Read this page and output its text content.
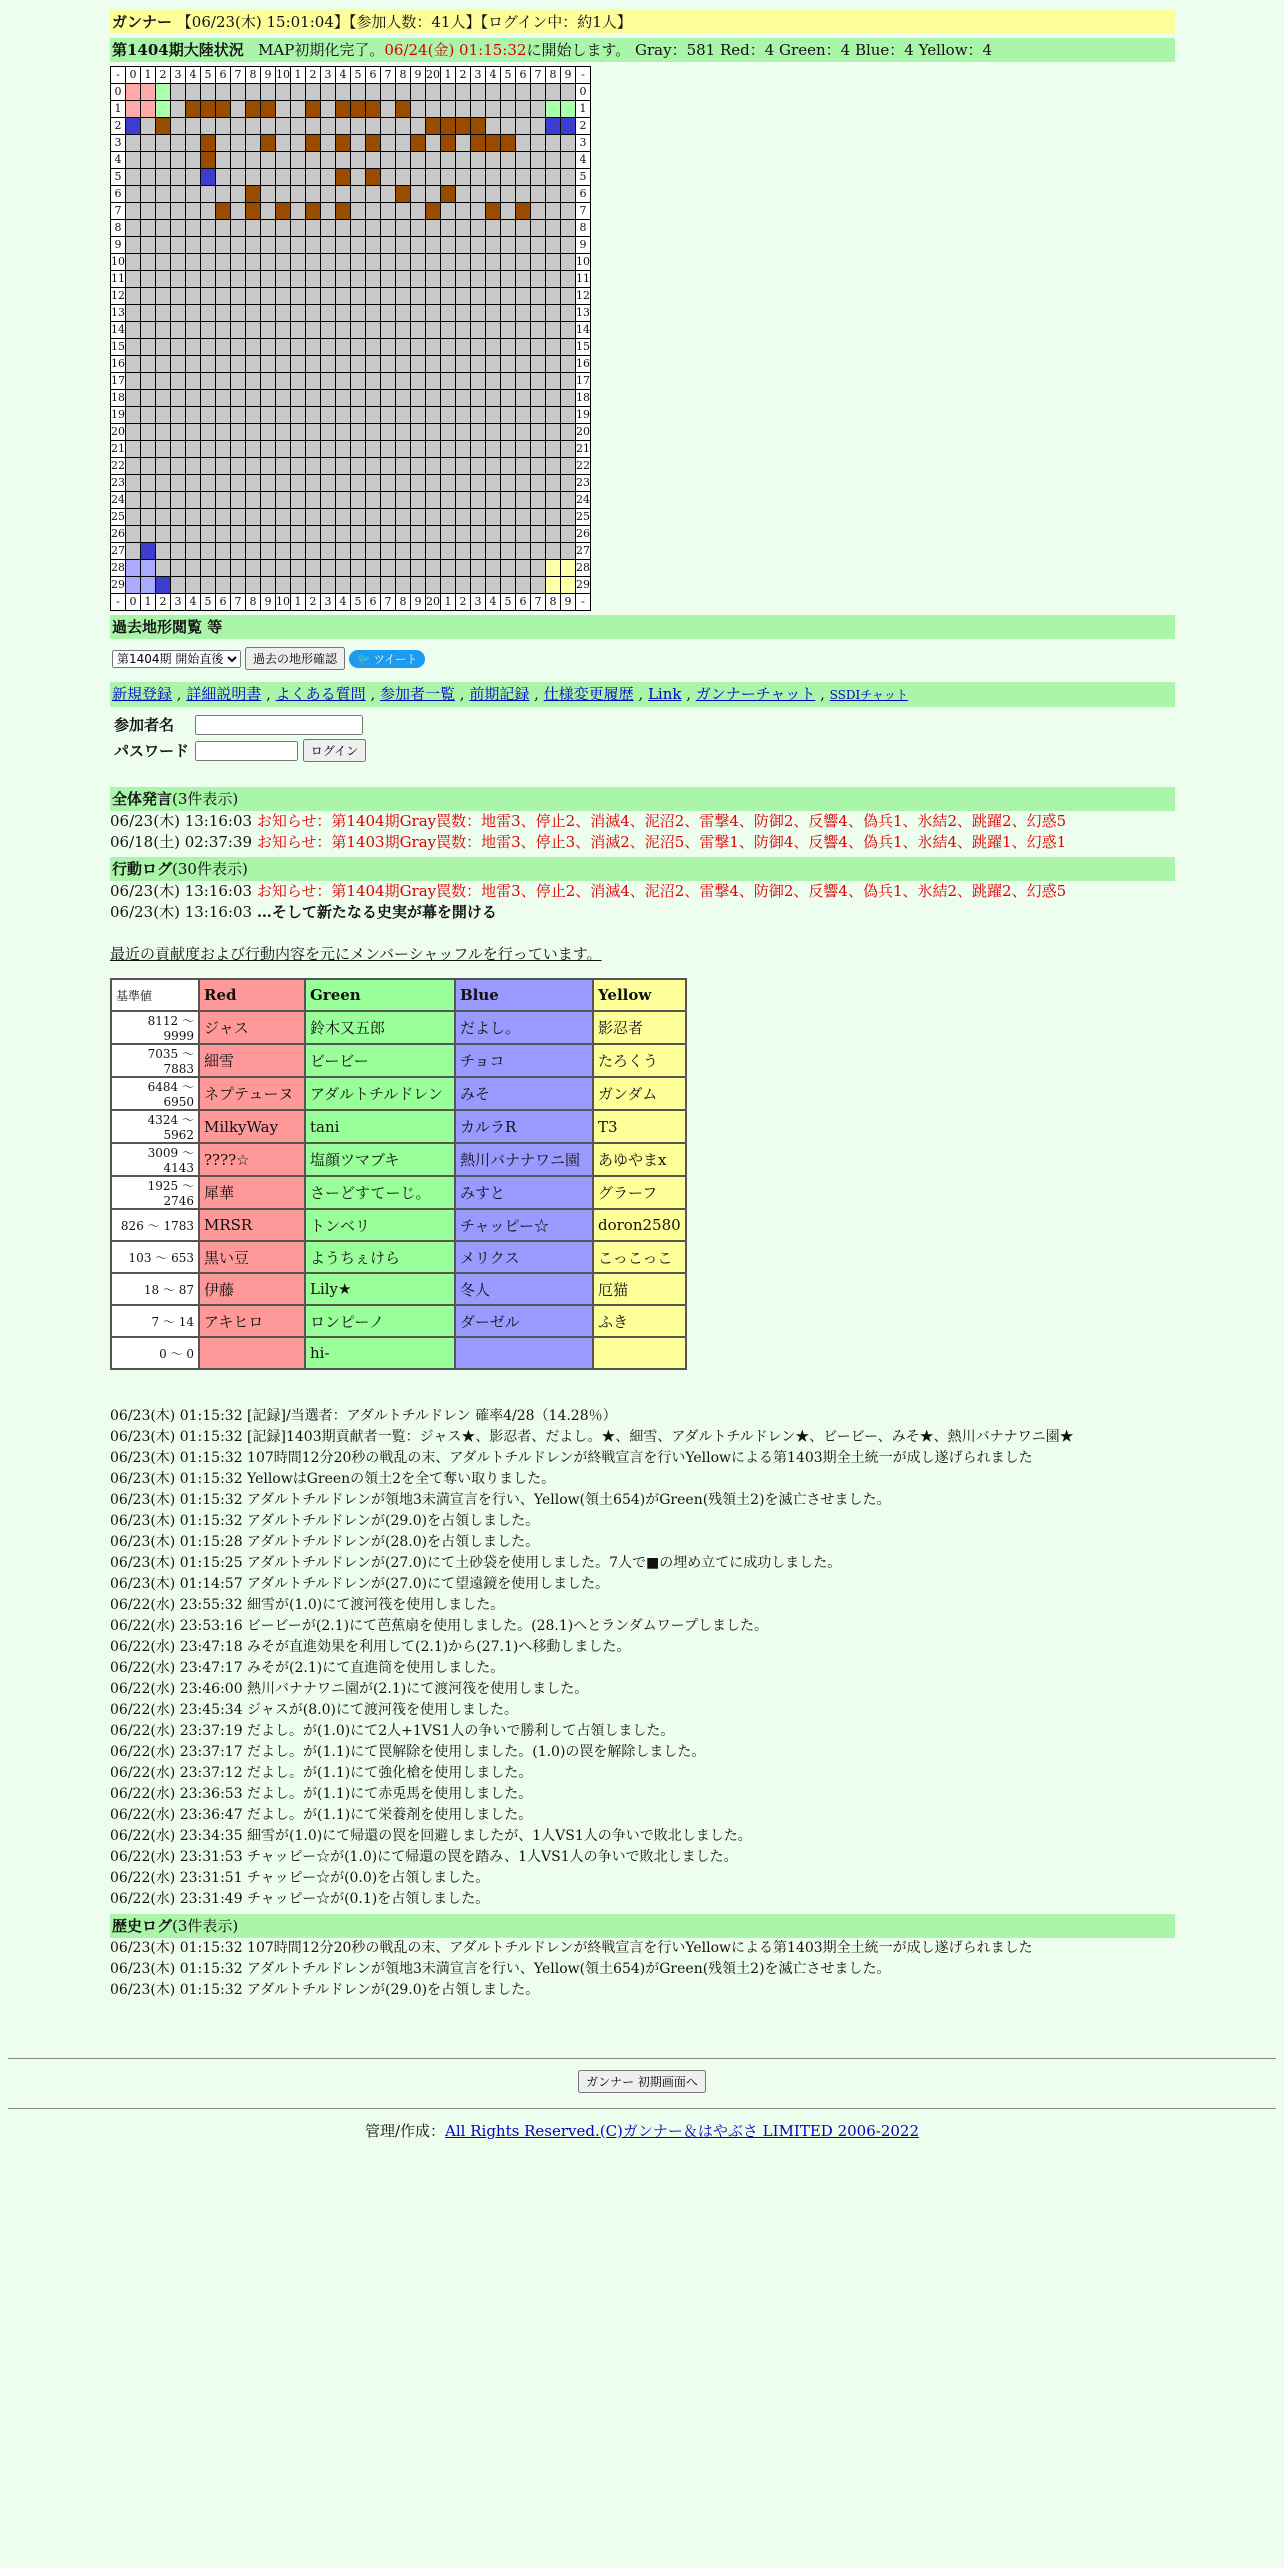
ガンナー 【06/23(木) 15:01:04】【参加人数：41人】【ログイン中：約1人】
第1404期大陸状況 MAP初期化完了。06/24(金) 01:15:32に開始します。 Gray：581 Red：4 Green：4 Blue：4 Yellow：4
-	0	1	2	3	4	5	6	7	8	9	10	1	2	3	4	5	6	7	8	9	20	1	2	3	4	5	6	7	8	9	-
0																															0
1																															1
2																															2
3																															3
4																															4
5																															5
6																															6
7																															7
8																															8
9																															9
10																															10
11																															11
12																															12
13																															13
14																															14
15																															15
16																															16
17																															17
18																															18
19																															19
20																															20
21																															21
22																															22
23																															23
24																															24
25																															25
26																															26
27																															27
28																															28
29																															29
-	0	1	2	3	4	5	6	7	8	9	10	1	2	3	4	5	6	7	8	9	20	1	2	3	4	5	6	7	8	9	-
過去地形閲覧 等
第1404期 開始直後
過去の地形確認	🐦 ツイート
新規登録 , 詳細説明書 , よくある質問 , 参加者一覧 , 前期記録 , 仕様変更履歴 , Link , ガンナーチャット , SSDIチャット
参加者名	
パスワード	ログイン
全体発言(3件表示)
06/23(木) 13:16:03 お知らせ：第1404期Gray罠数：地雷3、停止2、消滅4、泥沼2、雷撃4、防御2、反響4、偽兵1、氷結2、跳躍2、幻惑5
06/18(土) 02:37:39 お知らせ：第1403期Gray罠数：地雷3、停止3、消滅2、泥沼5、雷撃1、防御4、反響4、偽兵1、氷結4、跳躍1、幻惑1
行動ログ(30件表示)
06/23(木) 13:16:03 お知らせ：第1404期Gray罠数：地雷3、停止2、消滅4、泥沼2、雷撃4、防御2、反響4、偽兵1、氷結2、跳躍2、幻惑5
06/23(木) 13:16:03 …そして新たなる史実が幕を開ける
最近の貢献度および行動内容を元にメンバーシャッフルを行っています。
基準値	Red	Green	Blue	Yellow
8112 ～ 9999	ジャス	鈴木又五郎	だよし。	影忍者
7035 ～ 7883	細雪	ビービー	チョコ	たろくう
6484 ～ 6950	ネプテューヌ	アダルトチルドレン	みそ	ガンダム
4324 ～ 5962	MilkyWay	tani	カルラR	T3
3009 ～ 4143	????☆	塩顔ツマブキ	熱川バナナワニ園	あゆやまx
1925 ～ 2746	犀華	さーどすてーじ。	みすと	グラーフ
826 ～ 1783	MRSR	トンベリ	チャッピー☆	doron2580
103 ～ 653	黒い豆	ようちぇけら	メリクス	こっこっこ
18 ～ 87	伊藤	Lily★	冬人	厄猫
7 ～ 14	アキヒロ	ロンピーノ	ダーゼル	ふき
0 ～ 0		hi-		
06/23(木) 01:15:32 [記録]/当選者：アダルトチルドレン 確率4/28（14.28％）
06/23(木) 01:15:32 [記録]1403期貢献者一覧：ジャス★、影忍者、だよし。★、細雪、アダルトチルドレン★、ビービー、みそ★、熱川バナナワニ園★
06/23(木) 01:15:32 107時間12分20秒の戦乱の末、アダルトチルドレンが終戦宣言を行いYellowによる第1403期全土統一が成し遂げられました
06/23(木) 01:15:32 YellowはGreenの領土2を全て奪い取りました。
06/23(木) 01:15:32 アダルトチルドレンが領地3未満宣言を行い、Yellow(領土654)がGreen(残領土2)を滅亡させました。
06/23(木) 01:15:32 アダルトチルドレンが(29.0)を占領しました。
06/23(木) 01:15:28 アダルトチルドレンが(28.0)を占領しました。
06/23(木) 01:15:25 アダルトチルドレンが(27.0)にて土砂袋を使用しました。7人で■の埋め立てに成功しました。
06/23(木) 01:14:57 アダルトチルドレンが(27.0)にて望遠鏡を使用しました。
06/22(水) 23:55:32 細雪が(1.0)にて渡河筏を使用しました。
06/22(水) 23:53:16 ビービーが(2.1)にて芭蕉扇を使用しました。(28.1)へとランダムワープしました。
06/22(水) 23:47:18 みそが直進効果を利用して(2.1)から(27.1)へ移動しました。
06/22(水) 23:47:17 みそが(2.1)にて直進筒を使用しました。
06/22(水) 23:46:00 熱川バナナワニ園が(2.1)にて渡河筏を使用しました。
06/22(水) 23:45:34 ジャスが(8.0)にて渡河筏を使用しました。
06/22(水) 23:37:19 だよし。が(1.0)にて2人+1VS1人の争いで勝利して占領しました。
06/22(水) 23:37:17 だよし。が(1.1)にて罠解除を使用しました。(1.0)の罠を解除しました。
06/22(水) 23:37:12 だよし。が(1.1)にて強化槍を使用しました。
06/22(水) 23:36:53 だよし。が(1.1)にて赤兎馬を使用しました。
06/22(水) 23:36:47 だよし。が(1.1)にて栄養剤を使用しました。
06/22(水) 23:34:35 細雪が(1.0)にて帰還の罠を回避しましたが、1人VS1人の争いで敗北しました。
06/22(水) 23:31:53 チャッピー☆が(1.0)にて帰還の罠を踏み、1人VS1人の争いで敗北しました。
06/22(水) 23:31:51 チャッピー☆が(0.0)を占領しました。
06/22(水) 23:31:49 チャッピー☆が(0.1)を占領しました。
歴史ログ(3件表示)
06/23(木) 01:15:32 107時間12分20秒の戦乱の末、アダルトチルドレンが終戦宣言を行いYellowによる第1403期全土統一が成し遂げられました
06/23(木) 01:15:32 アダルトチルドレンが領地3未満宣言を行い、Yellow(領土654)がGreen(残領土2)を滅亡させました。
06/23(木) 01:15:32 アダルトチルドレンが(29.0)を占領しました。
ガンナー 初期画面へ
管理/作成：All Rights Reserved.(C)ガンナー＆はやぶさ LIMITED 2006-2022
